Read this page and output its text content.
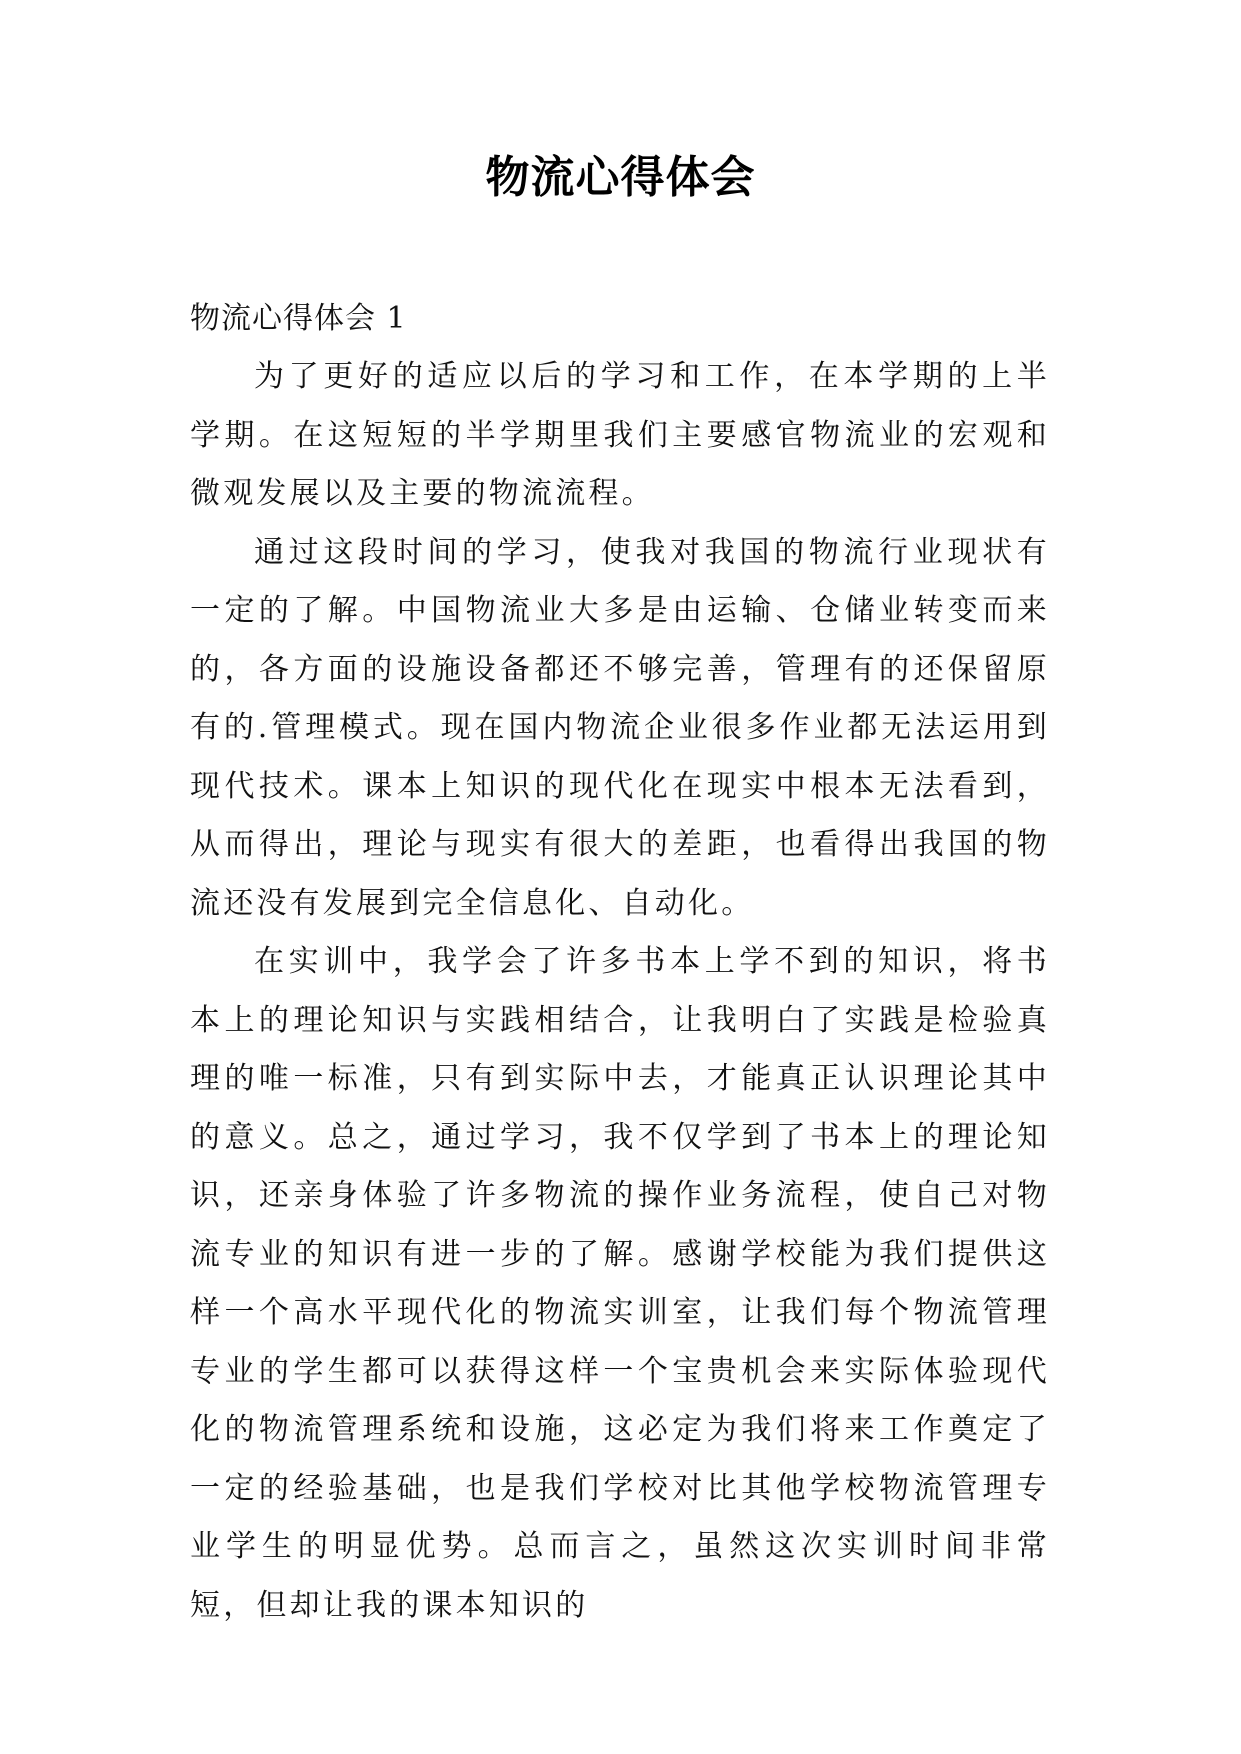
物流心得体会
物流心得体会 1

为了更好的适应以后的学习和工作，在本学期的上半学期。在这短短的半学期里我们主要感官物流业的宏观和微观发展以及主要的物流流程。

通过这段时间的学习，使我对我国的物流行业现状有一定的了解。中国物流业大多是由运输、仓储业转变而来的，各方面的设施设备都还不够完善，管理有的还保留原有的.管理模式。现在国内物流企业很多作业都无法运用到现代技术。课本上知识的现代化在现实中根本无法看到，从而得出，理论与现实有很大的差距，也看得出我国的物流还没有发展到完全信息化、自动化。

在实训中，我学会了许多书本上学不到的知识，将书本上的理论知识与实践相结合，让我明白了实践是检验真理的唯一标准，只有到实际中去，才能真正认识理论其中的意义。总之，通过学习，我不仅学到了书本上的理论知识，还亲身体验了许多物流的操作业务流程，使自己对物流专业的知识有进一步的了解。感谢学校能为我们提供这样一个高水平现代化的物流实训室，让我们每个物流管理专业的学生都可以获得这样一个宝贵机会来实际体验现代化的物流管理系统和设施，这必定为我们将来工作奠定了一定的经验基础，也是我们学校对比其他学校物流管理专业学生的明显优势。总而言之，虽然这次实训时间非常短，但却让我的课本知识的
